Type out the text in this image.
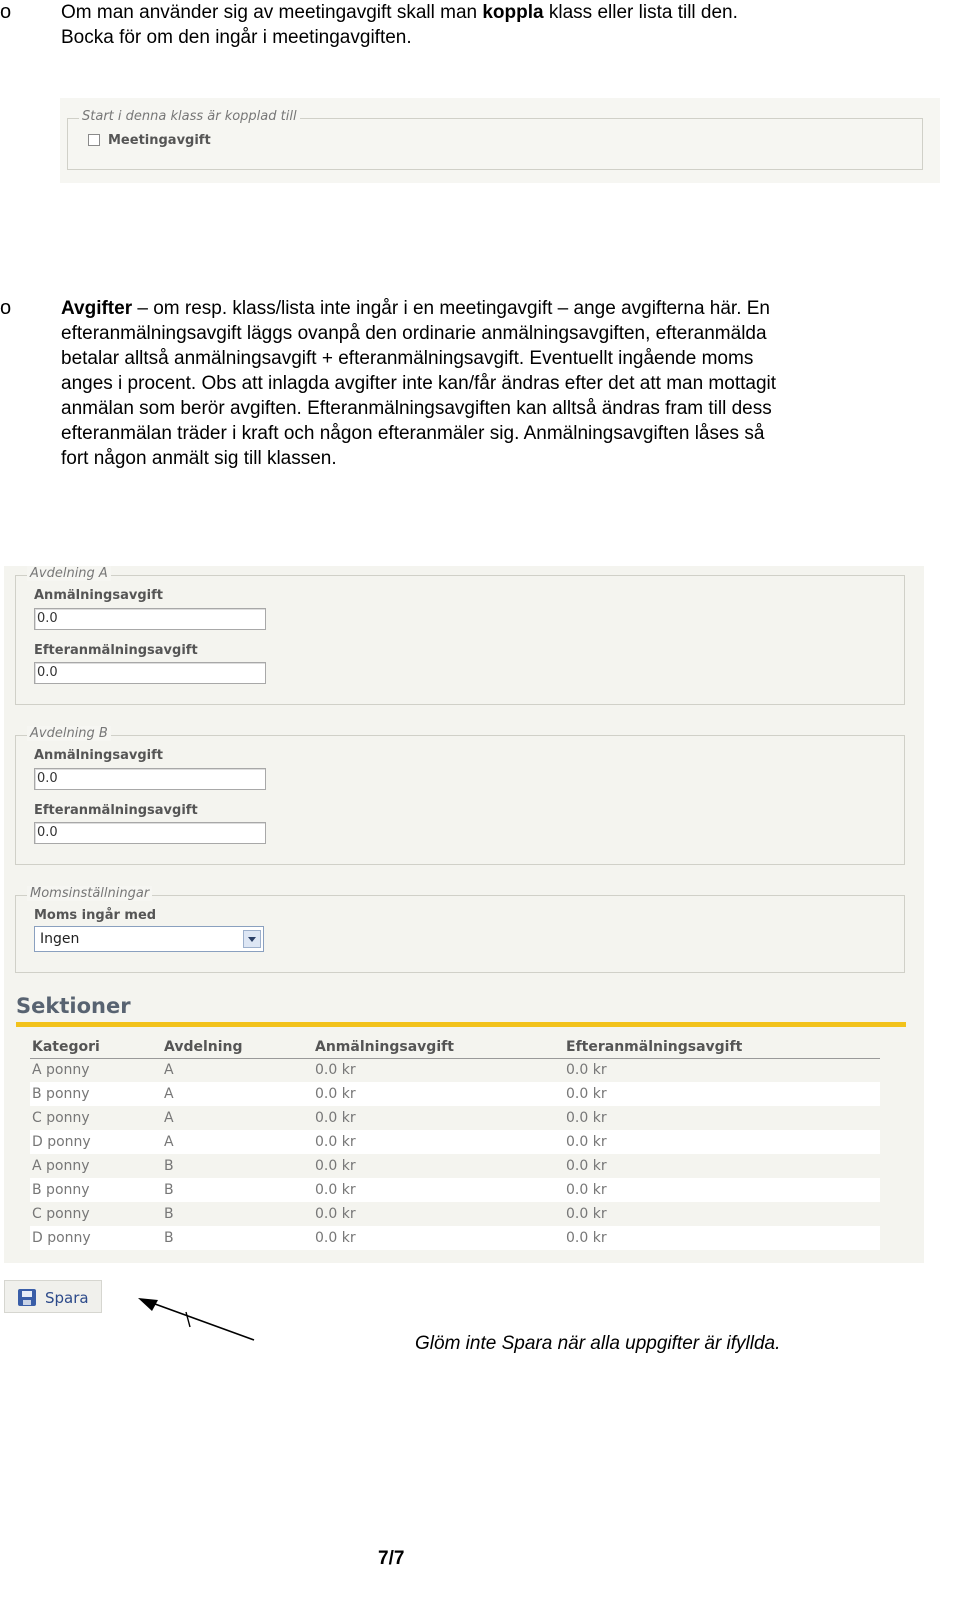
o	Om man använder sig av meetingavgift skall man koppla klass eller lista till den.
Bocka för om den ingår i meetingavgiften.
Start i denna klass är kopplad till
Meetingavgift
o	Avgifter – om resp. klass/lista inte ingår i en meetingavgift – ange avgifterna här. En
efteranmälningsavgift läggs ovanpå den ordinarie anmälningsavgiften, efteranmälda
betalar alltså anmälningsavgift + efteranmälningsavgift. Eventuellt ingående moms
anges i procent. Obs att inlagda avgifter inte kan/får ändras efter det att man mottagit
anmälan som berör avgiften. Efteranmälningsavgiften kan alltså ändras fram till dess
efteranmälan träder i kraft och någon efteranmäler sig. Anmälningsavgiften låses så
fort någon anmält sig till klassen.
Avdelning A
Anmälningsavgift
0.0
Efteranmälningsavgift
0.0
Avdelning B
Anmälningsavgift
0.0
Efteranmälningsavgift
0.0
Momsinställningar
Moms ingår med
Ingen
Sektioner
Kategori	Avdelning	Anmälningsavgift	Efteranmälningsavgift
A ponny	A	0.0 kr	0.0 kr
B ponny	A	0.0 kr	0.0 kr
C ponny	A	0.0 kr	0.0 kr
D ponny	A	0.0 kr	0.0 kr
A ponny	B	0.0 kr	0.0 kr
B ponny	B	0.0 kr	0.0 kr
C ponny	B	0.0 kr	0.0 kr
D ponny	B	0.0 kr	0.0 kr
Spara
Glöm inte Spara när alla uppgifter är ifyllda.
7/7
